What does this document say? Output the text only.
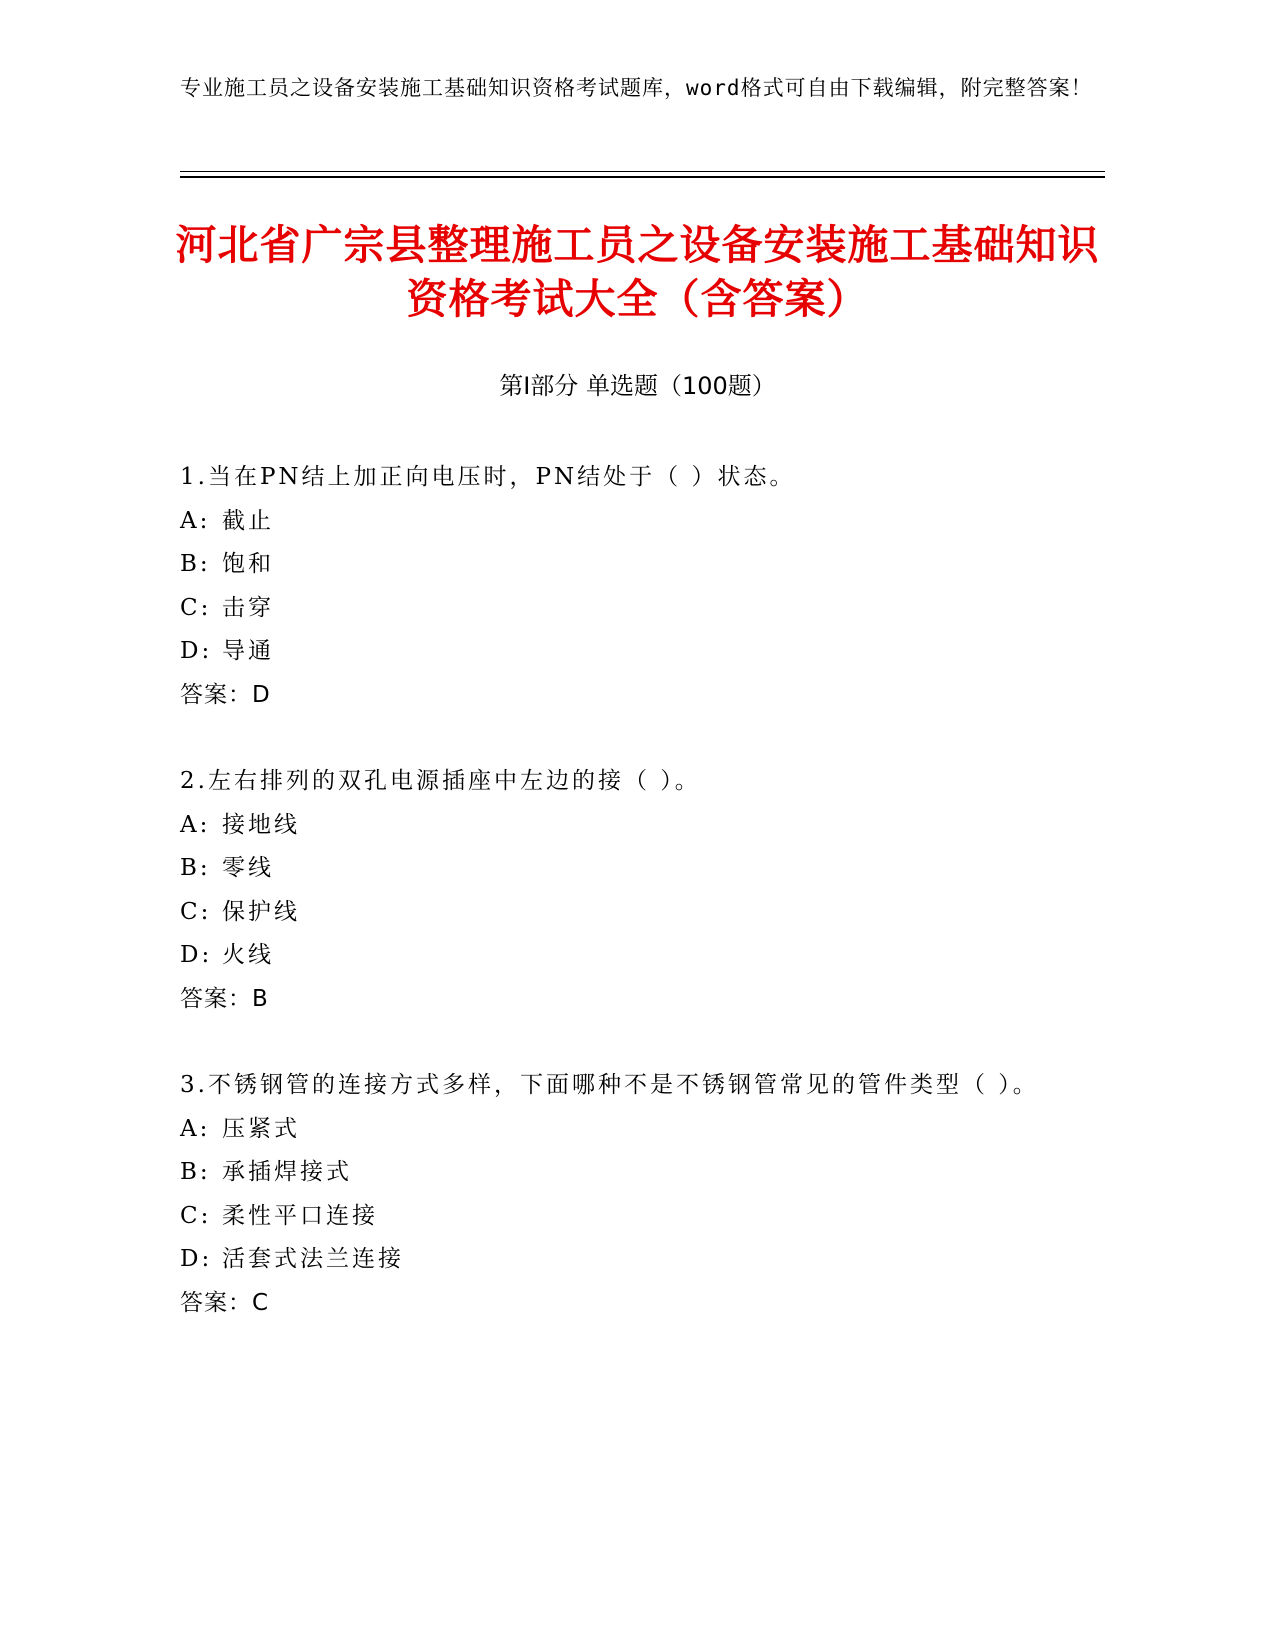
专业施工员之设备安装施工基础知识资格考试题库，word格式可自由下载编辑，附完整答案！
河北省广宗县整理施工员之设备安装施工基础知识资格考试大全（含答案）
第I部分 单选题（100题）
1.当在PN结上加正向电压时，PN结处于（ ）状态。
A: 截止
B: 饱和
C: 击穿
D: 导通
答案：D
2.左右排列的双孔电源插座中左边的接（ ）。
A: 接地线
B: 零线
C: 保护线
D: 火线
答案：B
3.不锈钢管的连接方式多样，下面哪种不是不锈钢管常见的管件类型（ ）。
A: 压紧式
B: 承插焊接式
C: 柔性平口连接
D: 活套式法兰连接
答案：C
